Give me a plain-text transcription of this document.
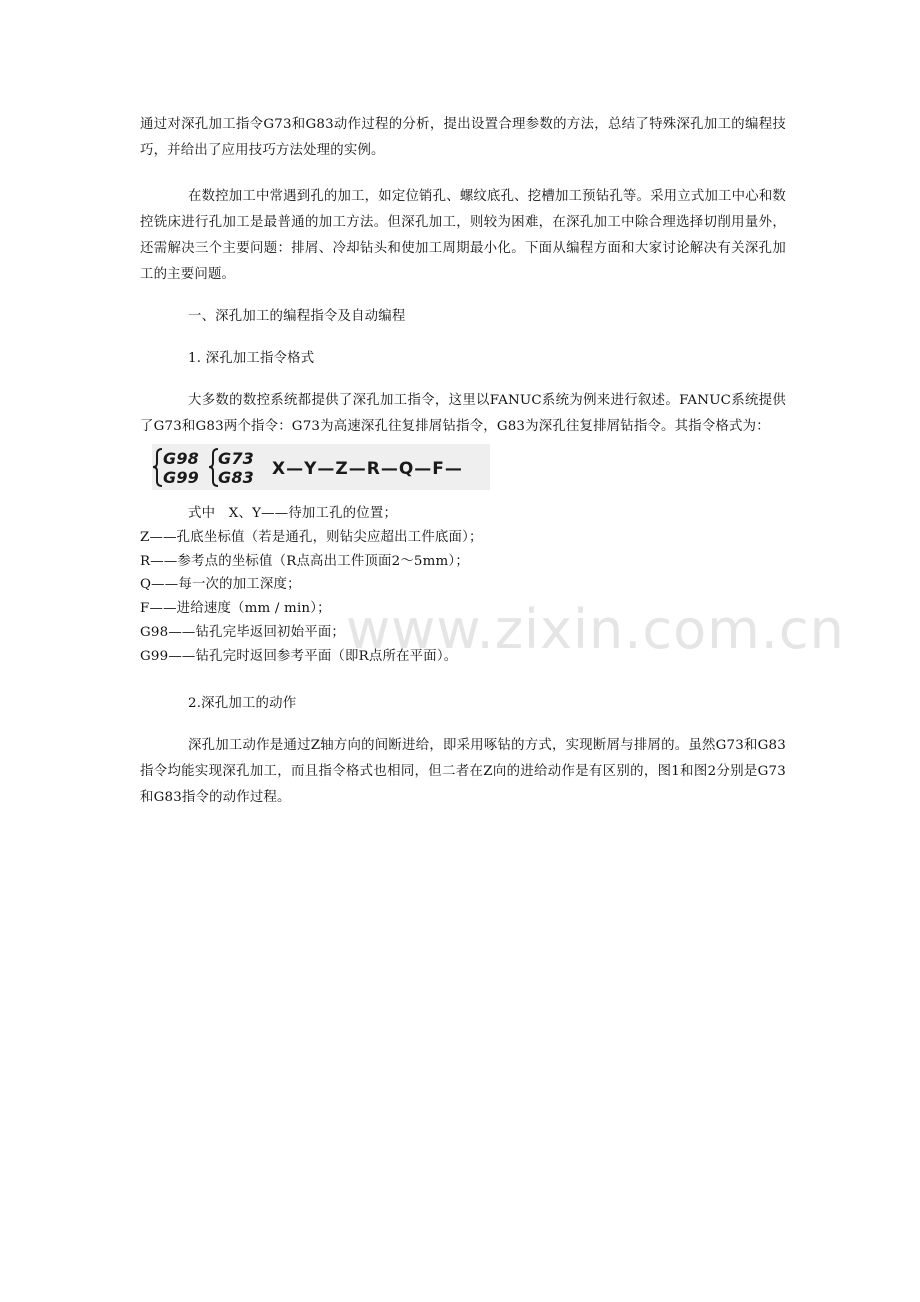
www.zixin.com.cn

通过对深孔加工指令G73和G83动作过程的分析，提出设置合理参数的方法，总结了特殊深孔加工的编程技巧，并给出了应用技巧方法处理的实例。

在数控加工中常遇到孔的加工，如定位销孔、螺纹底孔、挖槽加工预钻孔等。采用立式加工中心和数控铣床进行孔加工是最普通的加工方法。但深孔加工，则较为困难，在深孔加工中除合理选择切削用量外，还需解决三个主要问题：排屑、冷却钻头和使加工周期最小化。下面从编程方面和大家讨论解决有关深孔加工的主要问题。

一、深孔加工的编程指令及自动编程

1. 深孔加工指令格式

大多数的数控系统都提供了深孔加工指令，这里以FANUC系统为例来进行叙述。FANUC系统提供了G73和G83两个指令：G73为高速深孔往复排屑钻指令，G83为深孔往复排屑钻指令。其指令格式为：

G98
G99
G73
G83 X—Y—Z—R—Q—F—
式中　X、Y——待加工孔的位置；
Z——孔底坐标值（若是通孔，则钻尖应超出工件底面）；
R——参考点的坐标值（R点高出工件顶面2～5mm）；
Q——每一次的加工深度；
F——进给速度（mm / min）；
G98——钻孔完毕返回初始平面；
G99——钻孔完时返回参考平面（即R点所在平面）。

2.深孔加工的动作

深孔加工动作是通过Z轴方向的间断进给，即采用啄钻的方式，实现断屑与排屑的。虽然G73和G83指令均能实现深孔加工，而且指令格式也相同，但二者在Z向的进给动作是有区别的，图1和图2分别是G73和G83指令的动作过程。
